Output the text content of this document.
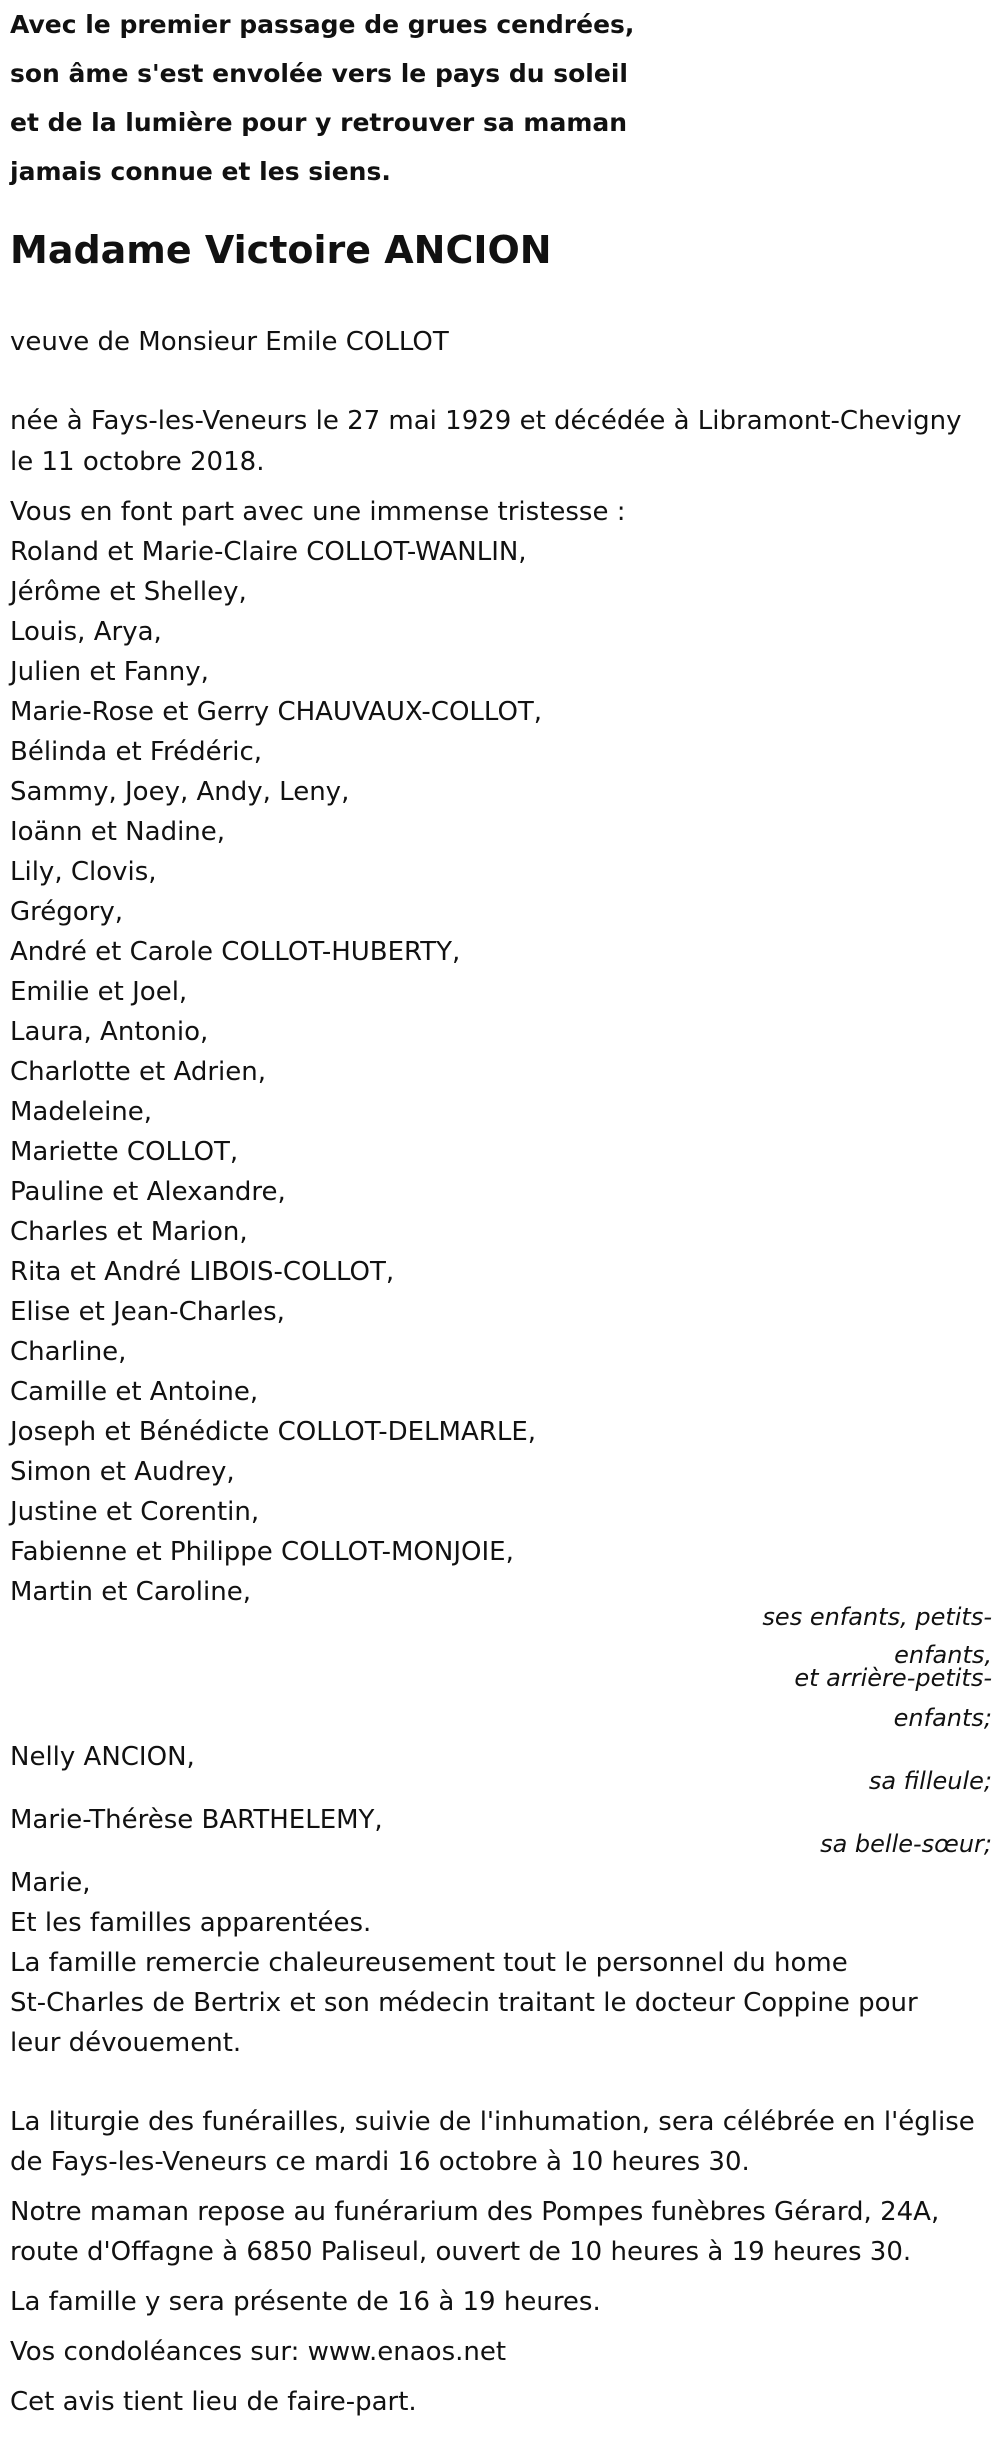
Avec le premier passage de grues cendrées,
son âme s'est envolée vers le pays du soleil
et de la lumière pour y retrouver sa maman
jamais connue et les siens.
Madame Victoire ANCION
veuve de Monsieur Emile COLLOT
née à Fays-les-Veneurs le 27 mai 1929 et décédée à Libramont-Chevigny
le 11 octobre 2018.
Vous en font part avec une immense tristesse :
Roland et Marie-Claire COLLOT-WANLIN,
Jérôme et Shelley,
Louis, Arya,
Julien et Fanny,
Marie-Rose et Gerry CHAUVAUX-COLLOT,
Bélinda et Frédéric,
Sammy, Joey, Andy, Leny,
Ioänn et Nadine,
Lily, Clovis,
Grégory,
André et Carole COLLOT-HUBERTY,
Emilie et Joel,
Laura, Antonio,
Charlotte et Adrien,
Madeleine,
Mariette COLLOT,
Pauline et Alexandre,
Charles et Marion,
Rita et André LIBOIS-COLLOT,
Elise et Jean-Charles,
Charline,
Camille et Antoine,
Joseph et Bénédicte COLLOT-DELMARLE,
Simon et Audrey,
Justine et Corentin,
Fabienne et Philippe COLLOT-MONJOIE,
Martin et Caroline,
ses enfants, petits-
enfants,
et arrière-petits-
enfants;
Nelly ANCION,
sa filleule;
Marie-Thérèse BARTHELEMY,
sa belle-sœur;
Marie,
Et les familles apparentées.
La famille remercie chaleureusement tout le personnel du home
St-Charles de Bertrix et son médecin traitant le docteur Coppine pour
leur dévouement.
La liturgie des funérailles, suivie de l'inhumation, sera célébrée en l'église
de Fays-les-Veneurs ce mardi 16 octobre à 10 heures 30.
Notre maman repose au funérarium des Pompes funèbres Gérard, 24A,
route d'Offagne à 6850 Paliseul, ouvert de 10 heures à 19 heures 30.
La famille y sera présente de 16 à 19 heures.
Vos condoléances sur: www.enaos.net
Cet avis tient lieu de faire-part.
